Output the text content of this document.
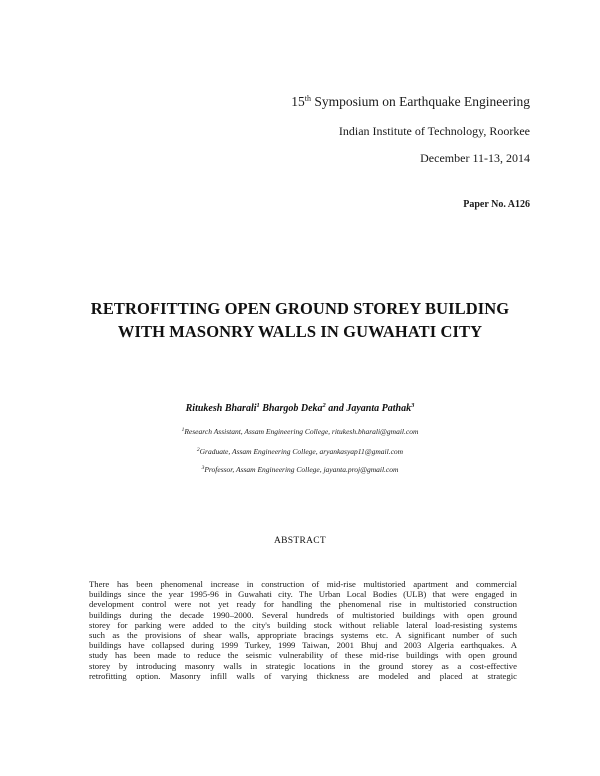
15th Symposium on Earthquake Engineering
Indian Institute of Technology, Roorkee
December 11-13, 2014
Paper No. A126
RETROFITTING OPEN GROUND STOREY BUILDING
WITH MASONRY WALLS IN GUWAHATI CITY
Ritukesh Bharali$^1$ Bhargob Deka$^2$ and Jayanta Pathak$^3$
$^1$Research Assistant, Assam Engineering College, ritukesh.bharali@gmail.com
$^2$Graduate, Assam Engineering College, aryankasyap11@gmail.com
$^3$Professor, Assam Engineering College, jayanta.proj@gmail.com
ABSTRACT
There has been phenomenal increase in construction of mid-rise multistoried apartment and commercial
buildings since the year 1995-96 in Guwahati city. The Urban Local Bodies (ULB) that were engaged in
development control were not yet ready for handling the phenomenal rise in multistoried construction
buildings during the decade 1990–2000. Several hundreds of multistoried buildings with open ground
storey for parking were added to the city's building stock without reliable lateral load-resisting systems
such as the provisions of shear walls, appropriate bracings systems etc. A significant number of such
buildings have collapsed during 1999 Turkey, 1999 Taiwan, 2001 Bhuj and 2003 Algeria earthquakes. A
study has been made to reduce the seismic vulnerability of these mid-rise buildings with open ground
storey by introducing masonry walls in strategic locations in the ground storey as a cost-effective
retrofitting option. Masonry infill walls of varying thickness are modeled and placed at strategic
